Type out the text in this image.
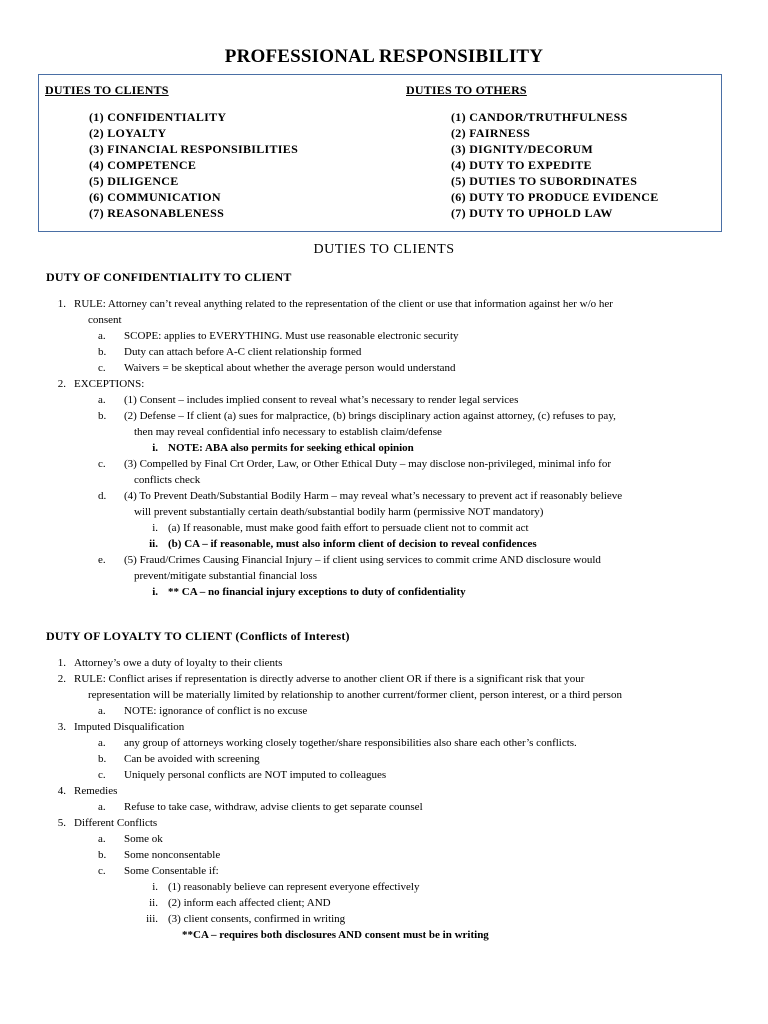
PROFESSIONAL RESPONSIBILITY
DUTIES TO CLIENTS	DUTIES TO OTHERS
(1) CONFIDENTIALITY
(2) LOYALTY
(3) FINANCIAL RESPONSIBILITIES
(4) COMPETENCE
(5) DILIGENCE
(6) COMMUNICATION
(7) REASONABLENESS
(1) CANDOR/TRUTHFULNESS
(2) FAIRNESS
(3) DIGNITY/DECORUM
(4) DUTY TO EXPEDITE
(5) DUTIES TO SUBORDINATES
(6) DUTY TO PRODUCE EVIDENCE
(7) DUTY TO UPHOLD LAW
DUTIES TO CLIENTS
DUTY OF CONFIDENTIALITY TO CLIENT
1. RULE: Attorney can’t reveal anything related to the representation of the client or use that information against her w/o her
consent
a.	SCOPE: applies to EVERYTHING. Must use reasonable electronic security
b.	Duty can attach before A-C client relationship formed
c.	Waivers = be skeptical about whether the average person would understand
2. EXCEPTIONS:
a.	(1) Consent – includes implied consent to reveal what’s necessary to render legal services
b.	(2) Defense – If client (a) sues for malpractice, (b) brings disciplinary action against attorney, (c) refuses to pay,
then may reveal confidential info necessary to establish claim/defense
i. NOTE: ABA also permits for seeking ethical opinion
c.	(3) Compelled by Final Crt Order, Law, or Other Ethical Duty – may disclose non-privileged, minimal info for
conflicts check
d.	(4) To Prevent Death/Substantial Bodily Harm – may reveal what’s necessary to prevent act if reasonably believe
will prevent substantially certain death/substantial bodily harm (permissive NOT mandatory)
i. (a) If reasonable, must make good faith effort to persuade client not to commit act
ii. (b) CA – if reasonable, must also inform client of decision to reveal confidences
e.	(5) Fraud/Crimes Causing Financial Injury – if client using services to commit crime AND disclosure would
prevent/mitigate substantial financial loss
i. ** CA – no financial injury exceptions to duty of confidentiality
DUTY OF LOYALTY TO CLIENT (Conflicts of Interest)
1. Attorney’s owe a duty of loyalty to their clients
2. RULE: Conflict arises if representation is directly adverse to another client OR if there is a significant risk that your
representation will be materially limited by relationship to another current/former client, person interest, or a third person
a.	NOTE: ignorance of conflict is no excuse
3. Imputed Disqualification
a.	any group of attorneys working closely together/share responsibilities also share each other’s conflicts.
b.	Can be avoided with screening
c.	Uniquely personal conflicts are NOT imputed to colleagues
4. Remedies
a.	Refuse to take case, withdraw, advise clients to get separate counsel
5. Different Conflicts
a.	Some ok
b.	Some nonconsentable
c.	Some Consentable if:
i. (1) reasonably believe can represent everyone effectively
ii. (2) inform each affected client; AND
iii. (3) client consents, confirmed in writing
**CA – requires both disclosures AND consent must be in writing
